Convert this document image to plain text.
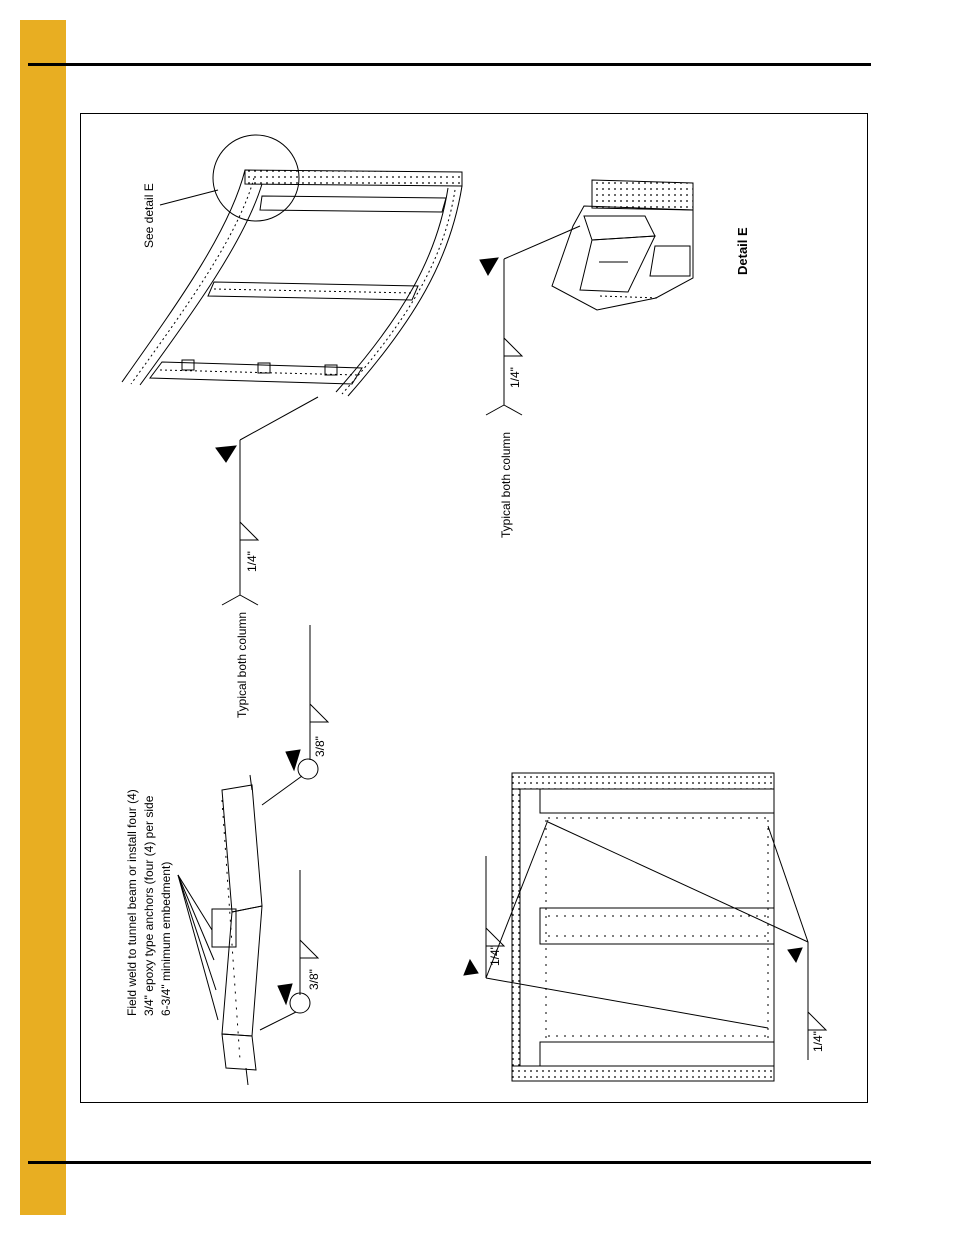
See detail E
Detail E
Typical both column
Typical both column
1/4"
1/4"
1/4"
1/4"
3/8"
3/8"
Field weld to tunnel beam or install four (4) 3/4" epoxy type anchors (four (4) per side 6-3/4" minimum embedment)
